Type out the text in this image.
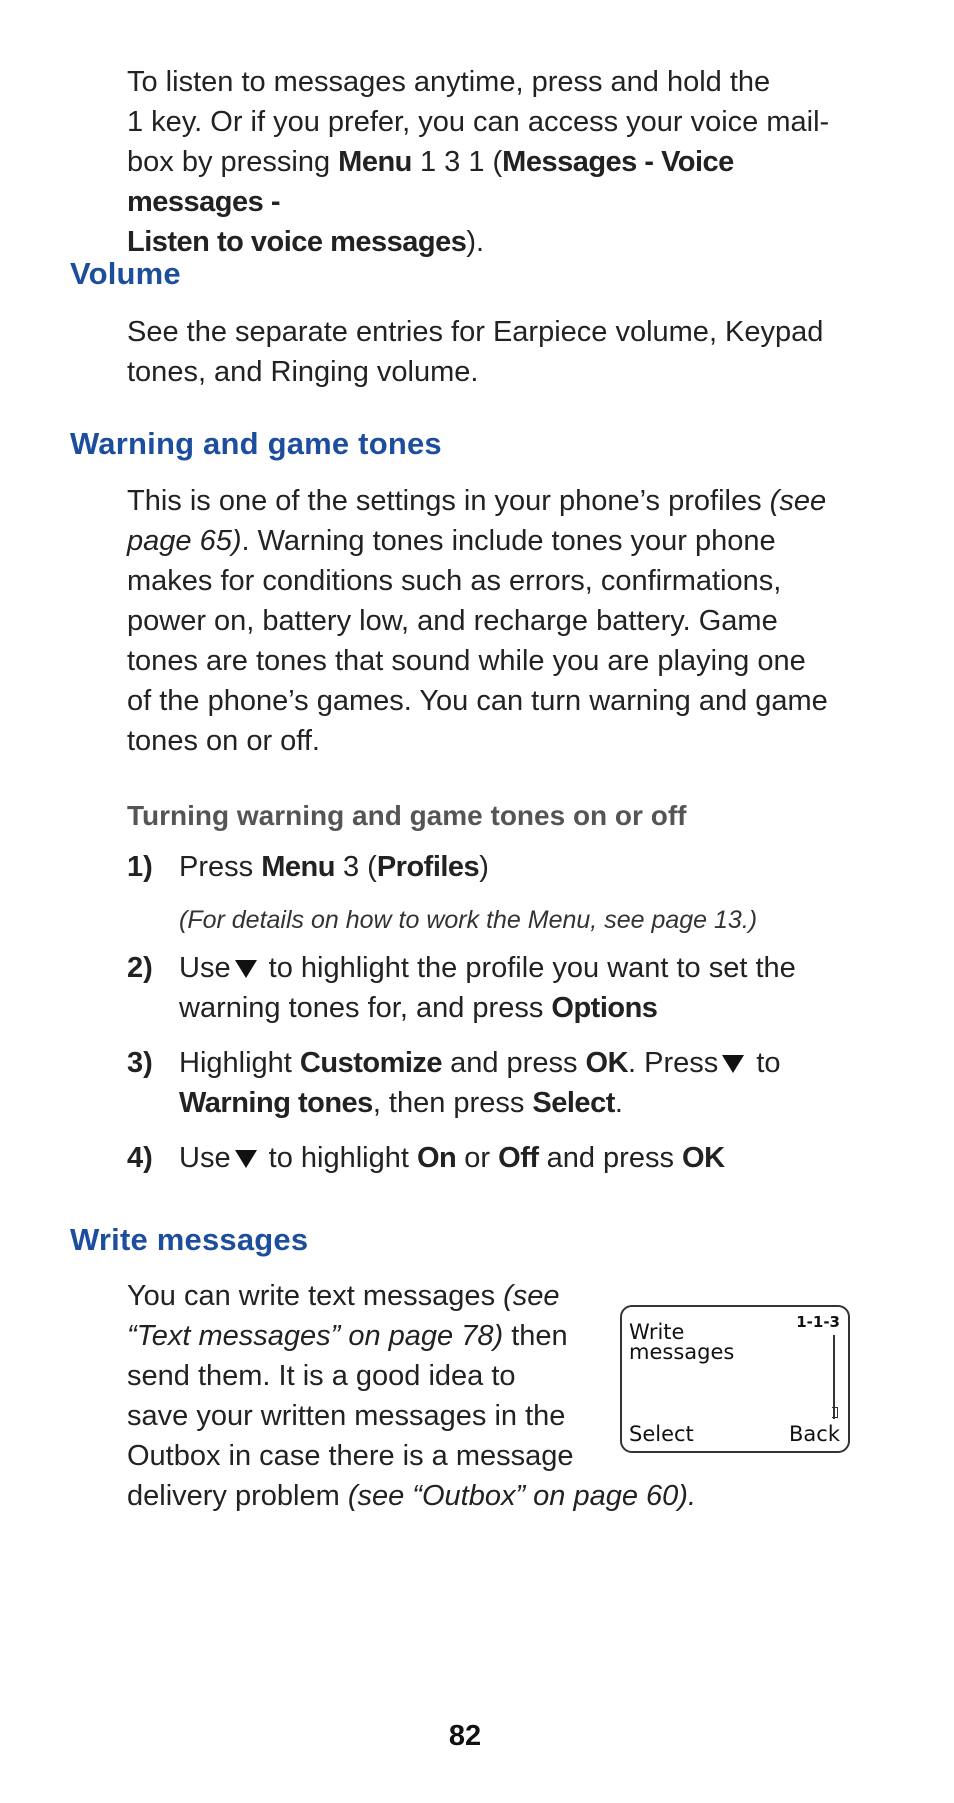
To listen to messages anytime, press and hold the
1 key. Or if you prefer, you can access your voice mail-
box by pressing Menu 1 3 1 (Messages - Voice messages -
Listen to voice messages).
Volume
See the separate entries for Earpiece volume, Keypad
tones, and Ringing volume.
Warning and game tones
This is one of the settings in your phone’s profiles (see
page 65). Warning tones include tones your phone
makes for conditions such as errors, confirmations,
power on, battery low, and recharge battery. Game
tones are tones that sound while you are playing one
of the phone’s games. You can turn warning and game
tones on or off.
Turning warning and game tones on or off
1) Press Menu 3 (Profiles)
(For details on how to work the Menu, see page 13.)
2) Use to highlight the profile you want to set the
warning tones for, and press Options
3) Highlight Customize and press OK. Press to
Warning tones, then press Select.
4) Use to highlight On or Off and press OK
Write messages
You can write text messages (see
“Text messages” on page 78) then
send them. It is a good idea to
save your written messages in the
Outbox in case there is a message
delivery problem (see “Outbox” on page 60).
Write
messages
1-1-3
Select	Back
82
